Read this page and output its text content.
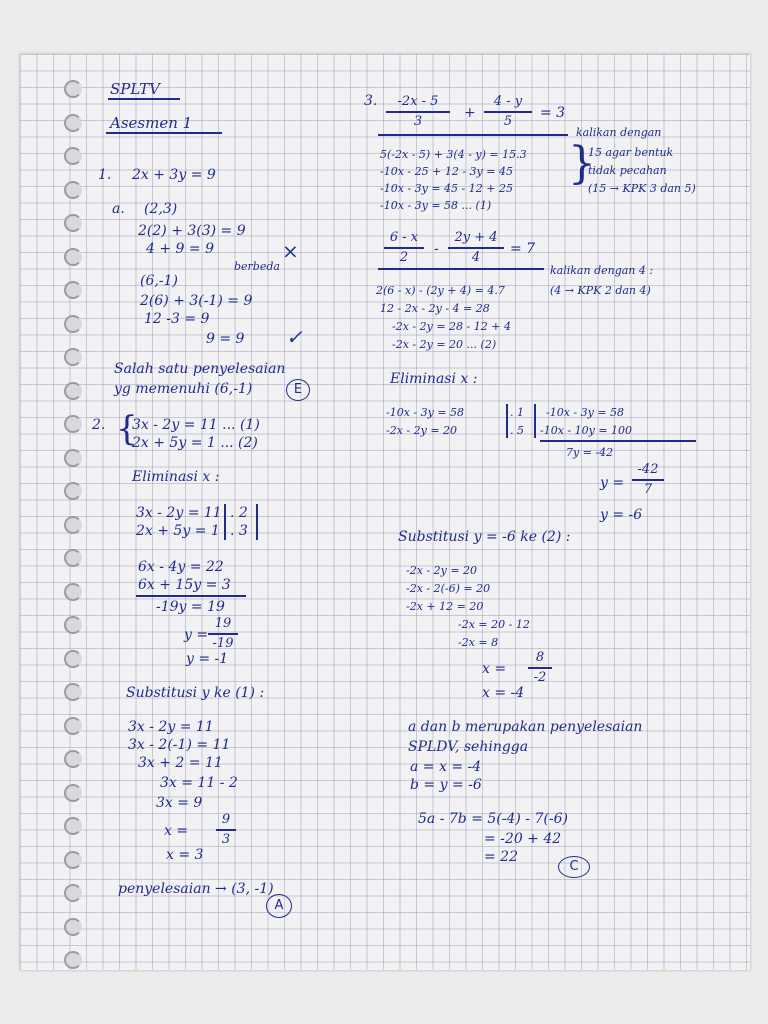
SPLTV
Asesmen 1
1. 2x + 3y = 9
a. (2,3)
2(2) + 3(3) = 9
4 + 9 = 9
berbeda
×
(6,-1)
2(6) + 3(-1) = 9
12 -3 = 9
9 = 9 ✓
Salah satu penyelesaian
yg memenuhi (6,-1)	E
2. {
3x - 2y = 11 ... (1)
2x + 5y = 1 ... (2)
Eliminasi x :
3x - 2y = 11
2x + 5y = 1
. 2
. 3
6x - 4y = 22
6x + 15y = 3
-19y = 19
y =
19
-19
y = -1
Substitusi y ke (1) :
3x - 2y = 11
3x - 2(-1) = 11
3x + 2 = 11
3x = 11 - 2
3x = 9
x =
9
3
x = 3
penyelesaian → (3, -1)
A
3.	-2x - 5
3	+
4 - y
5	= 3
kalikan dengan
5(-2x - 5) + 3(4 - y) = 15.3
-10x - 25 + 12 - 3y = 45
-10x - 3y = 45 - 12 + 25
-10x - 3y = 58 ... (1)
}
15 agar bentuk
tidak pecahan
(15 → KPK 3 dan 5)
6 - x
2	-
2y + 4
4	= 7
kalikan dengan 4 :
2(6 - x) - (2y + 4) = 4.7	(4 → KPK 2 dan 4)
12 - 2x - 2y - 4 = 28
-2x - 2y = 28 - 12 + 4
-2x - 2y = 20 ... (2)
Eliminasi x :
-10x - 3y = 58
-2x - 2y = 20
. 1
. 5
-10x - 3y = 58
-10x - 10y = 100
7y = -42
y =
-42
7
y = -6
Substitusi y = -6 ke (2) :
-2x - 2y = 20
-2x - 2(-6) = 20
-2x + 12 = 20
-2x = 20 - 12
-2x = 8
x =
8
-2
x = -4
a dan b merupakan penyelesaian
SPLDV, sehingga
a = x = -4
b = y = -6
5a - 7b = 5(-4) - 7(-6)
= -20 + 42
= 22
C
